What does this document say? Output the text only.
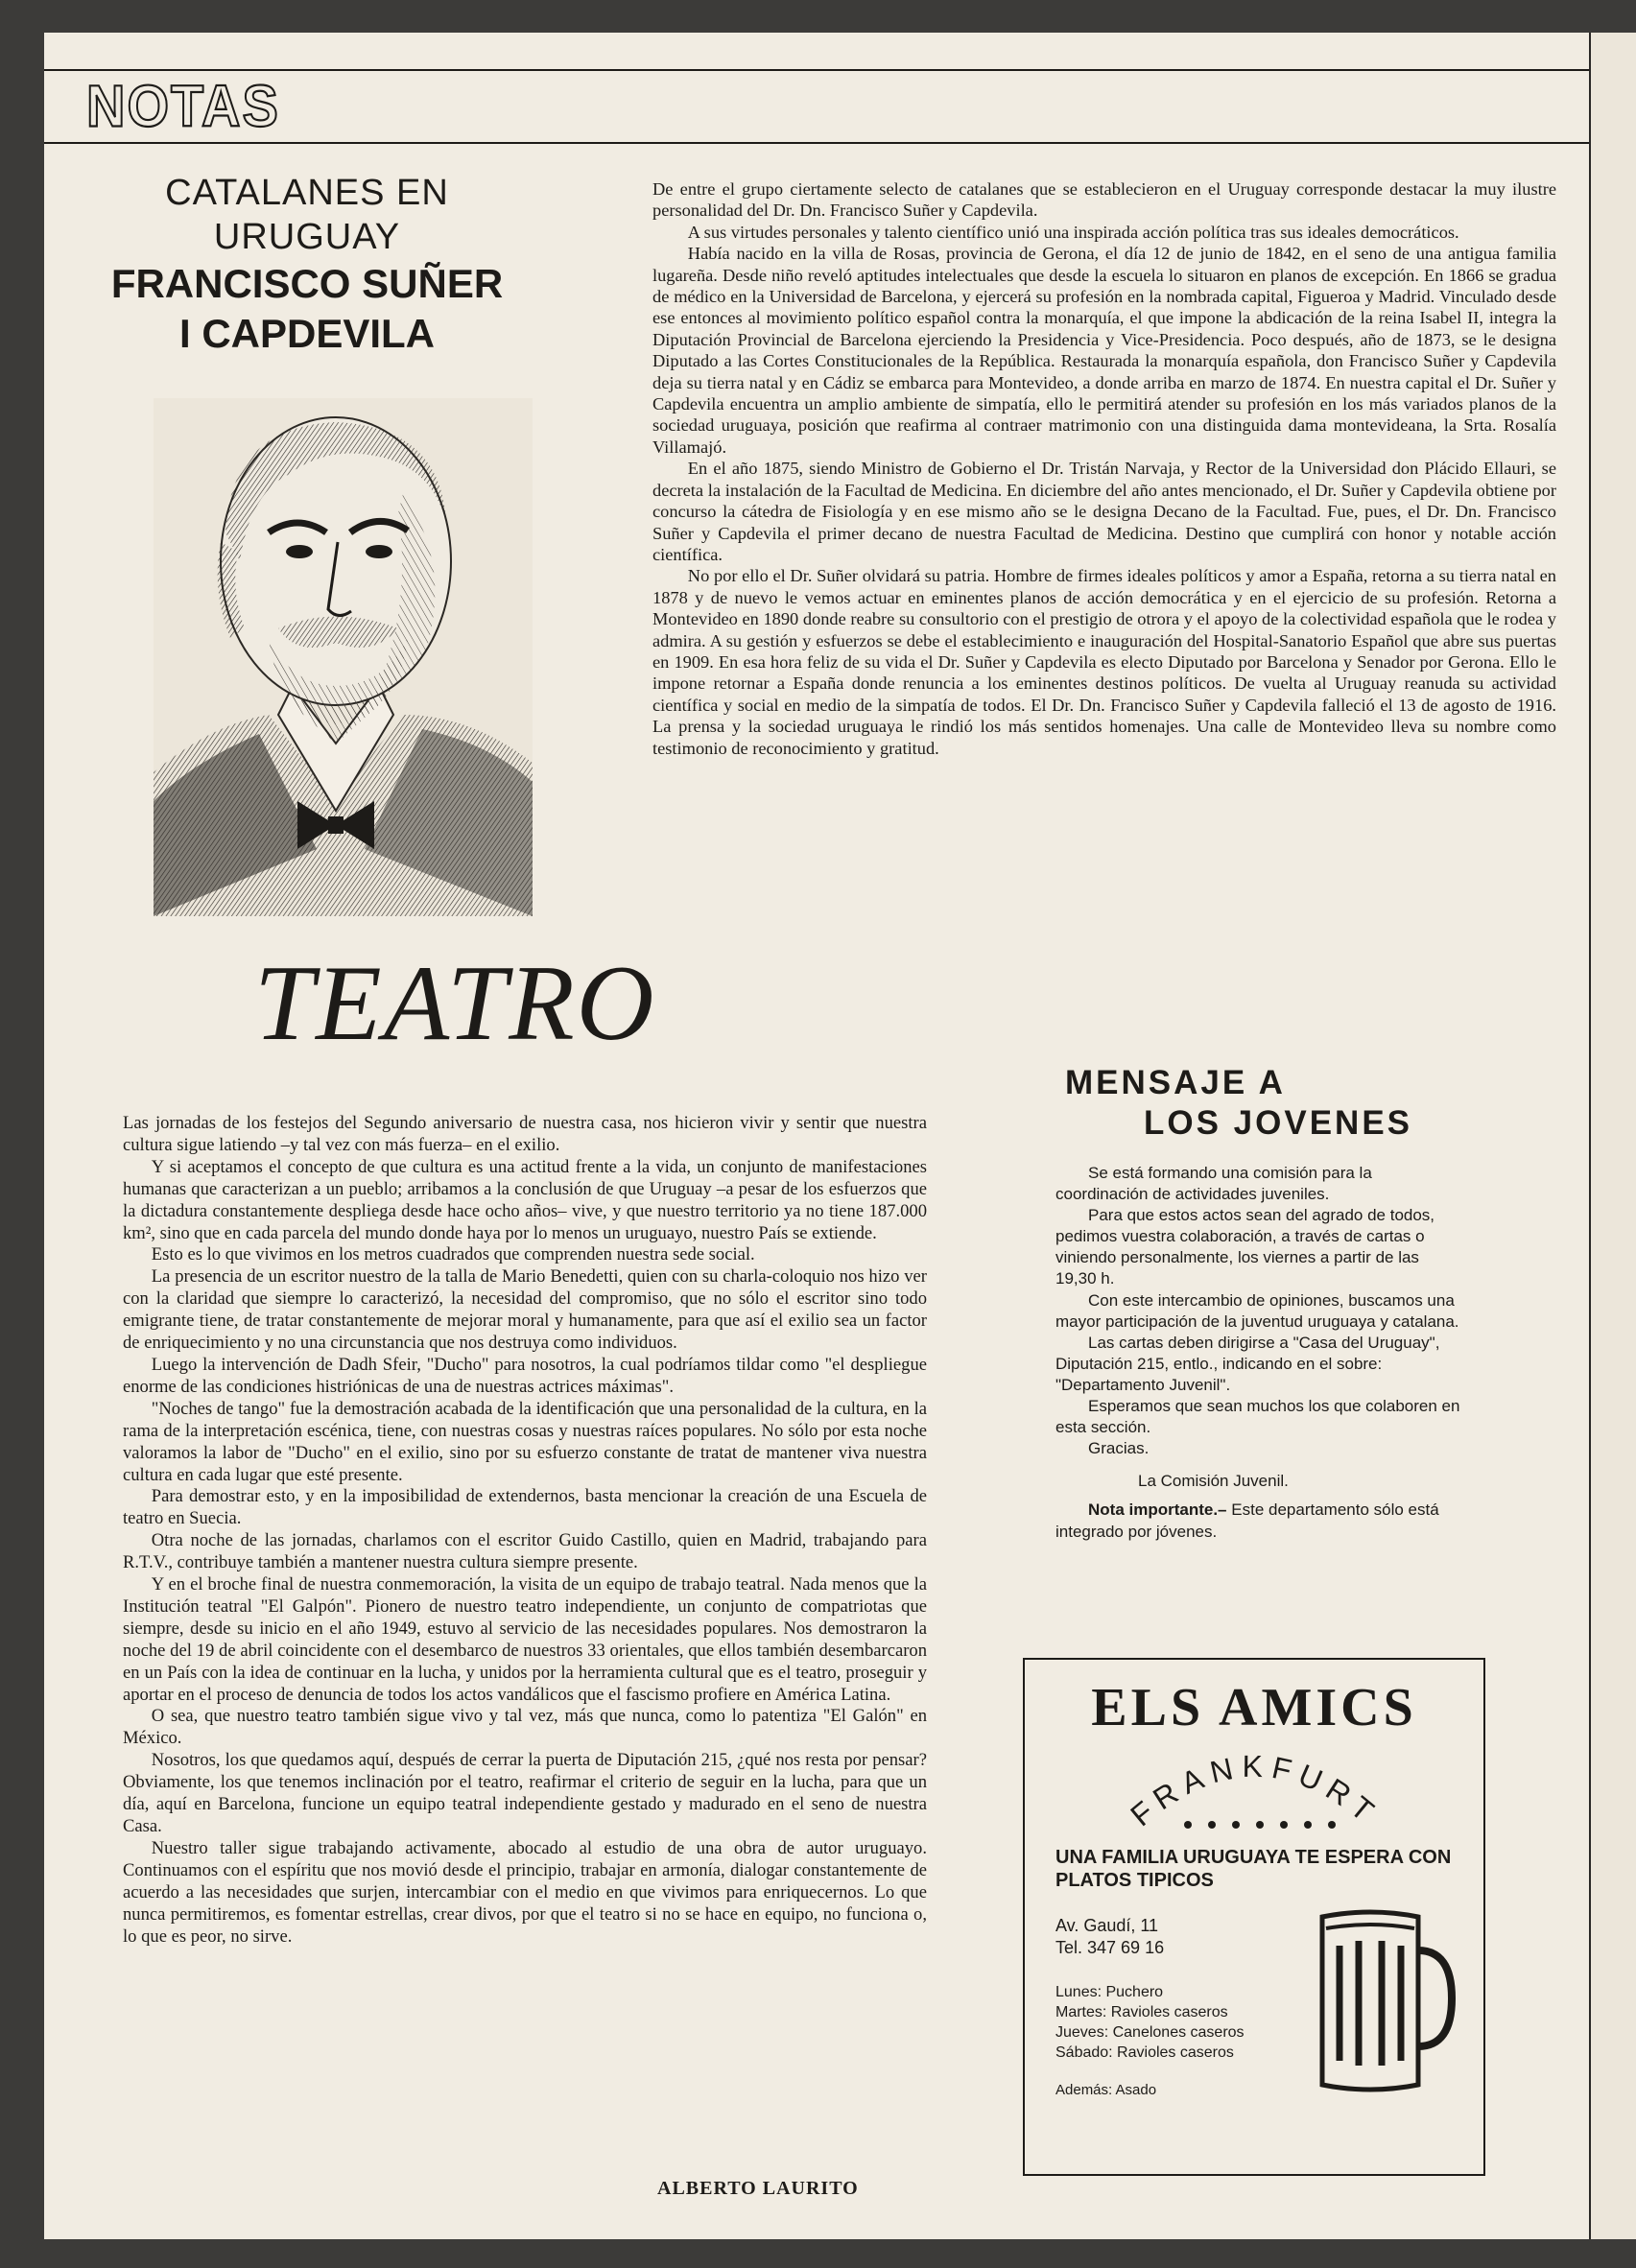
NOTAS
CATALANES EN
URUGUAY
FRANCISCO SUÑER
I CAPDEVILA

De entre el grupo ciertamente selecto de catalanes que se establecieron en el Uruguay corresponde destacar la muy ilustre personalidad del Dr. Dn. Francisco Suñer y Capdevila.

A sus virtudes personales y talento científico unió una inspirada acción política tras sus ideales democráticos.

Había nacido en la villa de Rosas, provincia de Gerona, el día 12 de junio de 1842, en el seno de una antigua familia lugareña. Desde niño reveló aptitudes intelectuales que desde la escuela lo situaron en planos de excepción. En 1866 se gradua de médico en la Universidad de Barcelona, y ejercerá su profesión en la nombrada capital, Figueroa y Madrid. Vinculado desde ese entonces al movimiento político español contra la monarquía, el que impone la abdicación de la reina Isabel II, integra la Diputación Provincial de Barcelona ejerciendo la Presidencia y Vice-Presidencia. Poco después, año de 1873, se le designa Diputado a las Cortes Constitucionales de la República. Restaurada la monarquía española, don Francisco Suñer y Capdevila deja su tierra natal y en Cádiz se embarca para Montevideo, a donde arriba en marzo de 1874. En nuestra capital el Dr. Suñer y Capdevila encuentra un amplio ambiente de simpatía, ello le permitirá atender su profesión en los más variados planos de la sociedad uruguaya, posición que reafirma al contraer matrimonio con una distinguida dama montevideana, la Srta. Rosalía Villamajó.

En el año 1875, siendo Ministro de Gobierno el Dr. Tristán Narvaja, y Rector de la Universidad don Plácido Ellauri, se decreta la instalación de la Facultad de Medicina. En diciembre del año antes mencionado, el Dr. Suñer y Capdevila obtiene por concurso la cátedra de Fisiología y en ese mismo año se le designa Decano de la Facultad. Fue, pues, el Dr. Dn. Francisco Suñer y Capdevila el primer decano de nuestra Facultad de Medicina. Destino que cumplirá con honor y notable acción científica.

No por ello el Dr. Suñer olvidará su patria. Hombre de firmes ideales políticos y amor a España, retorna a su tierra natal en 1878 y de nuevo le vemos actuar en eminentes planos de acción democrática y en el ejercicio de su profesión. Retorna a Montevideo en 1890 donde reabre su consultorio con el prestigio de otrora y el apoyo de la colectividad española que le rodea y admira. A su gestión y esfuerzos se debe el establecimiento e inauguración del Hospital-Sanatorio Español que abre sus puertas en 1909. En esa hora feliz de su vida el Dr. Suñer y Capdevila es electo Diputado por Barcelona y Senador por Gerona. Ello le impone retornar a España donde renuncia a los eminentes destinos políticos. De vuelta al Uruguay reanuda su actividad científica y social en medio de la simpatía de todos. El Dr. Dn. Francisco Suñer y Capdevila falleció el 13 de agosto de 1916. La prensa y la sociedad uruguaya le rindió los más sentidos homenajes. Una calle de Montevideo lleva su nombre como testimonio de reconocimiento y gratitud.

TEATRO

Las jornadas de los festejos del Segundo aniversario de nuestra casa, nos hicieron vivir y sentir que nuestra cultura sigue latiendo –y tal vez con más fuerza– en el exilio.

Y si aceptamos el concepto de que cultura es una actitud frente a la vida, un conjunto de manifestaciones humanas que caracterizan a un pueblo; arribamos a la conclusión de que Uruguay –a pesar de los esfuerzos que la dictadura constantemente despliega desde hace ocho años– vive, y que nuestro territorio ya no tiene 187.000 km², sino que en cada parcela del mundo donde haya por lo menos un uruguayo, nuestro País se extiende.

Esto es lo que vivimos en los metros cuadrados que comprenden nuestra sede social.

La presencia de un escritor nuestro de la talla de Mario Benedetti, quien con su charla-coloquio nos hizo ver con la claridad que siempre lo caracterizó, la necesidad del compromiso, que no sólo el escritor sino todo emigrante tiene, de tratar constantemente de mejorar moral y humanamente, para que así el exilio sea un factor de enriquecimiento y no una circunstancia que nos destruya como individuos.

Luego la intervención de Dadh Sfeir, "Ducho" para nosotros, la cual podríamos tildar como "el despliegue enorme de las condiciones histriónicas de una de nuestras actrices máximas".

"Noches de tango" fue la demostración acabada de la identificación que una personalidad de la cultura, en la rama de la interpretación escénica, tiene, con nuestras cosas y nuestras raíces populares. No sólo por esta noche valoramos la labor de "Ducho" en el exilio, sino por su esfuerzo constante de tratat de mantener viva nuestra cultura en cada lugar que esté presente.

Para demostrar esto, y en la imposibilidad de extendernos, basta mencionar la creación de una Escuela de teatro en Suecia.

Otra noche de las jornadas, charlamos con el escritor Guido Castillo, quien en Madrid, trabajando para R.T.V., contribuye también a mantener nuestra cultura siempre presente.

Y en el broche final de nuestra conmemoración, la visita de un equipo de trabajo teatral. Nada menos que la Institución teatral "El Galpón". Pionero de nuestro teatro independiente, un conjunto de compatriotas que siempre, desde su inicio en el año 1949, estuvo al servicio de las necesidades populares. Nos demostraron la noche del 19 de abril coincidente con el desembarco de nuestros 33 orientales, que ellos también desembarcaron en un País con la idea de continuar en la lucha, y unidos por la herramienta cultural que es el teatro, proseguir y aportar en el proceso de denuncia de todos los actos vandálicos que el fascismo profiere en América Latina.

O sea, que nuestro teatro también sigue vivo y tal vez, más que nunca, como lo patentiza "El Galón" en México.

Nosotros, los que quedamos aquí, después de cerrar la puerta de Diputación 215, ¿qué nos resta por pensar? Obviamente, los que tenemos inclinación por el teatro, reafirmar el criterio de seguir en la lucha, para que un día, aquí en Barcelona, funcione un equipo teatral independiente gestado y madurado en el seno de nuestra Casa.

Nuestro taller sigue trabajando activamente, abocado al estudio de una obra de autor uruguayo. Continuamos con el espíritu que nos movió desde el principio, trabajar en armonía, dialogar constantemente de acuerdo a las necesidades que surjen, intercambiar con el medio en que vivimos para enriquecernos. Lo que nunca permitiremos, es fomentar estrellas, crear divos, por que el teatro si no se hace en equipo, no funciona o, lo que es peor, no sirve.

ALBERTO LAURITO
MENSAJE A
LOS JOVENES

Se está formando una comisión para la coordinación de actividades juveniles.

Para que estos actos sean del agrado de todos, pedimos vuestra colaboración, a través de cartas o viniendo personalmente, los viernes a partir de las 19,30 h.

Con este intercambio de opiniones, buscamos una mayor participación de la juventud uruguaya y catalana.

Las cartas deben dirigirse a "Casa del Uruguay", Diputación 215, entlo., indicando en el sobre: "Departamento Juvenil".

Esperamos que sean muchos los que colaboren en esta sección.

Gracias.

La Comisión Juvenil.

Nota importante.– Este departamento sólo está integrado por jóvenes.

ELS AMICS
FRANKFURT
UNA FAMILIA URUGUAYA TE ESPERA CON PLATOS TIPICOS
Av. Gaudí, 11
Tel. 347 69 16
Lunes: Puchero
Martes: Ravioles caseros
Jueves: Canelones caseros
Sábado: Ravioles caseros
Además: Asado
